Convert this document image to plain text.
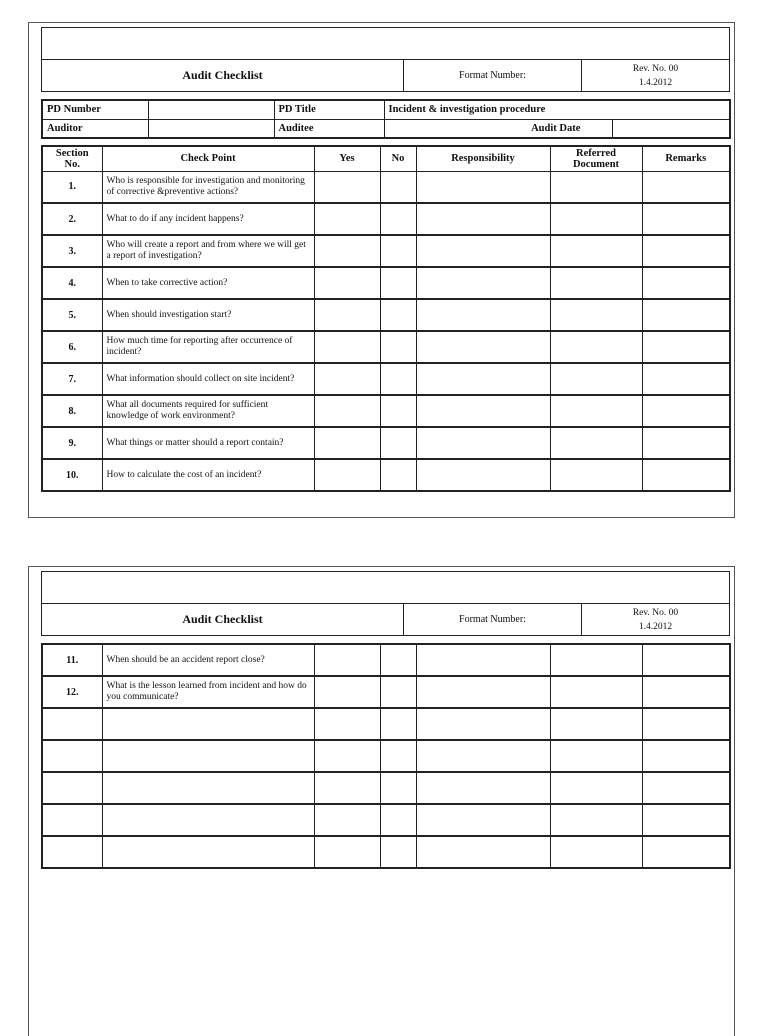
Audit Checklist	Format Number:	
Rev. No. 00
1.4.2012
PD Number		PD Title	Incident & investigation procedure		
Auditor		Auditee		Audit Date	
Section No.	Check Point	Yes	No	Responsibility	Referred Document	Remarks
1.	Who is responsible for investigation and monitoring of corrective &preventive actions?					
2.	What to do if any incident happens?					
3.	Who will create a report and from where we will get a report of investigation?					
4.	When to take corrective action?					
5.	When should investigation start?					
6.	How much time for reporting after occurrence of incident?					
7.	What information should collect on site incident?					
8.	What all documents required for sufficient knowledge of work environment?					
9.	What things or matter should a report contain?					
10.	How to calculate the cost of an incident?					

Audit Checklist	Format Number:	
Rev. No. 00
1.4.2012
11.	When should be an accident report close?					
12.	What is the lesson learned from incident and how do you communicate?					
